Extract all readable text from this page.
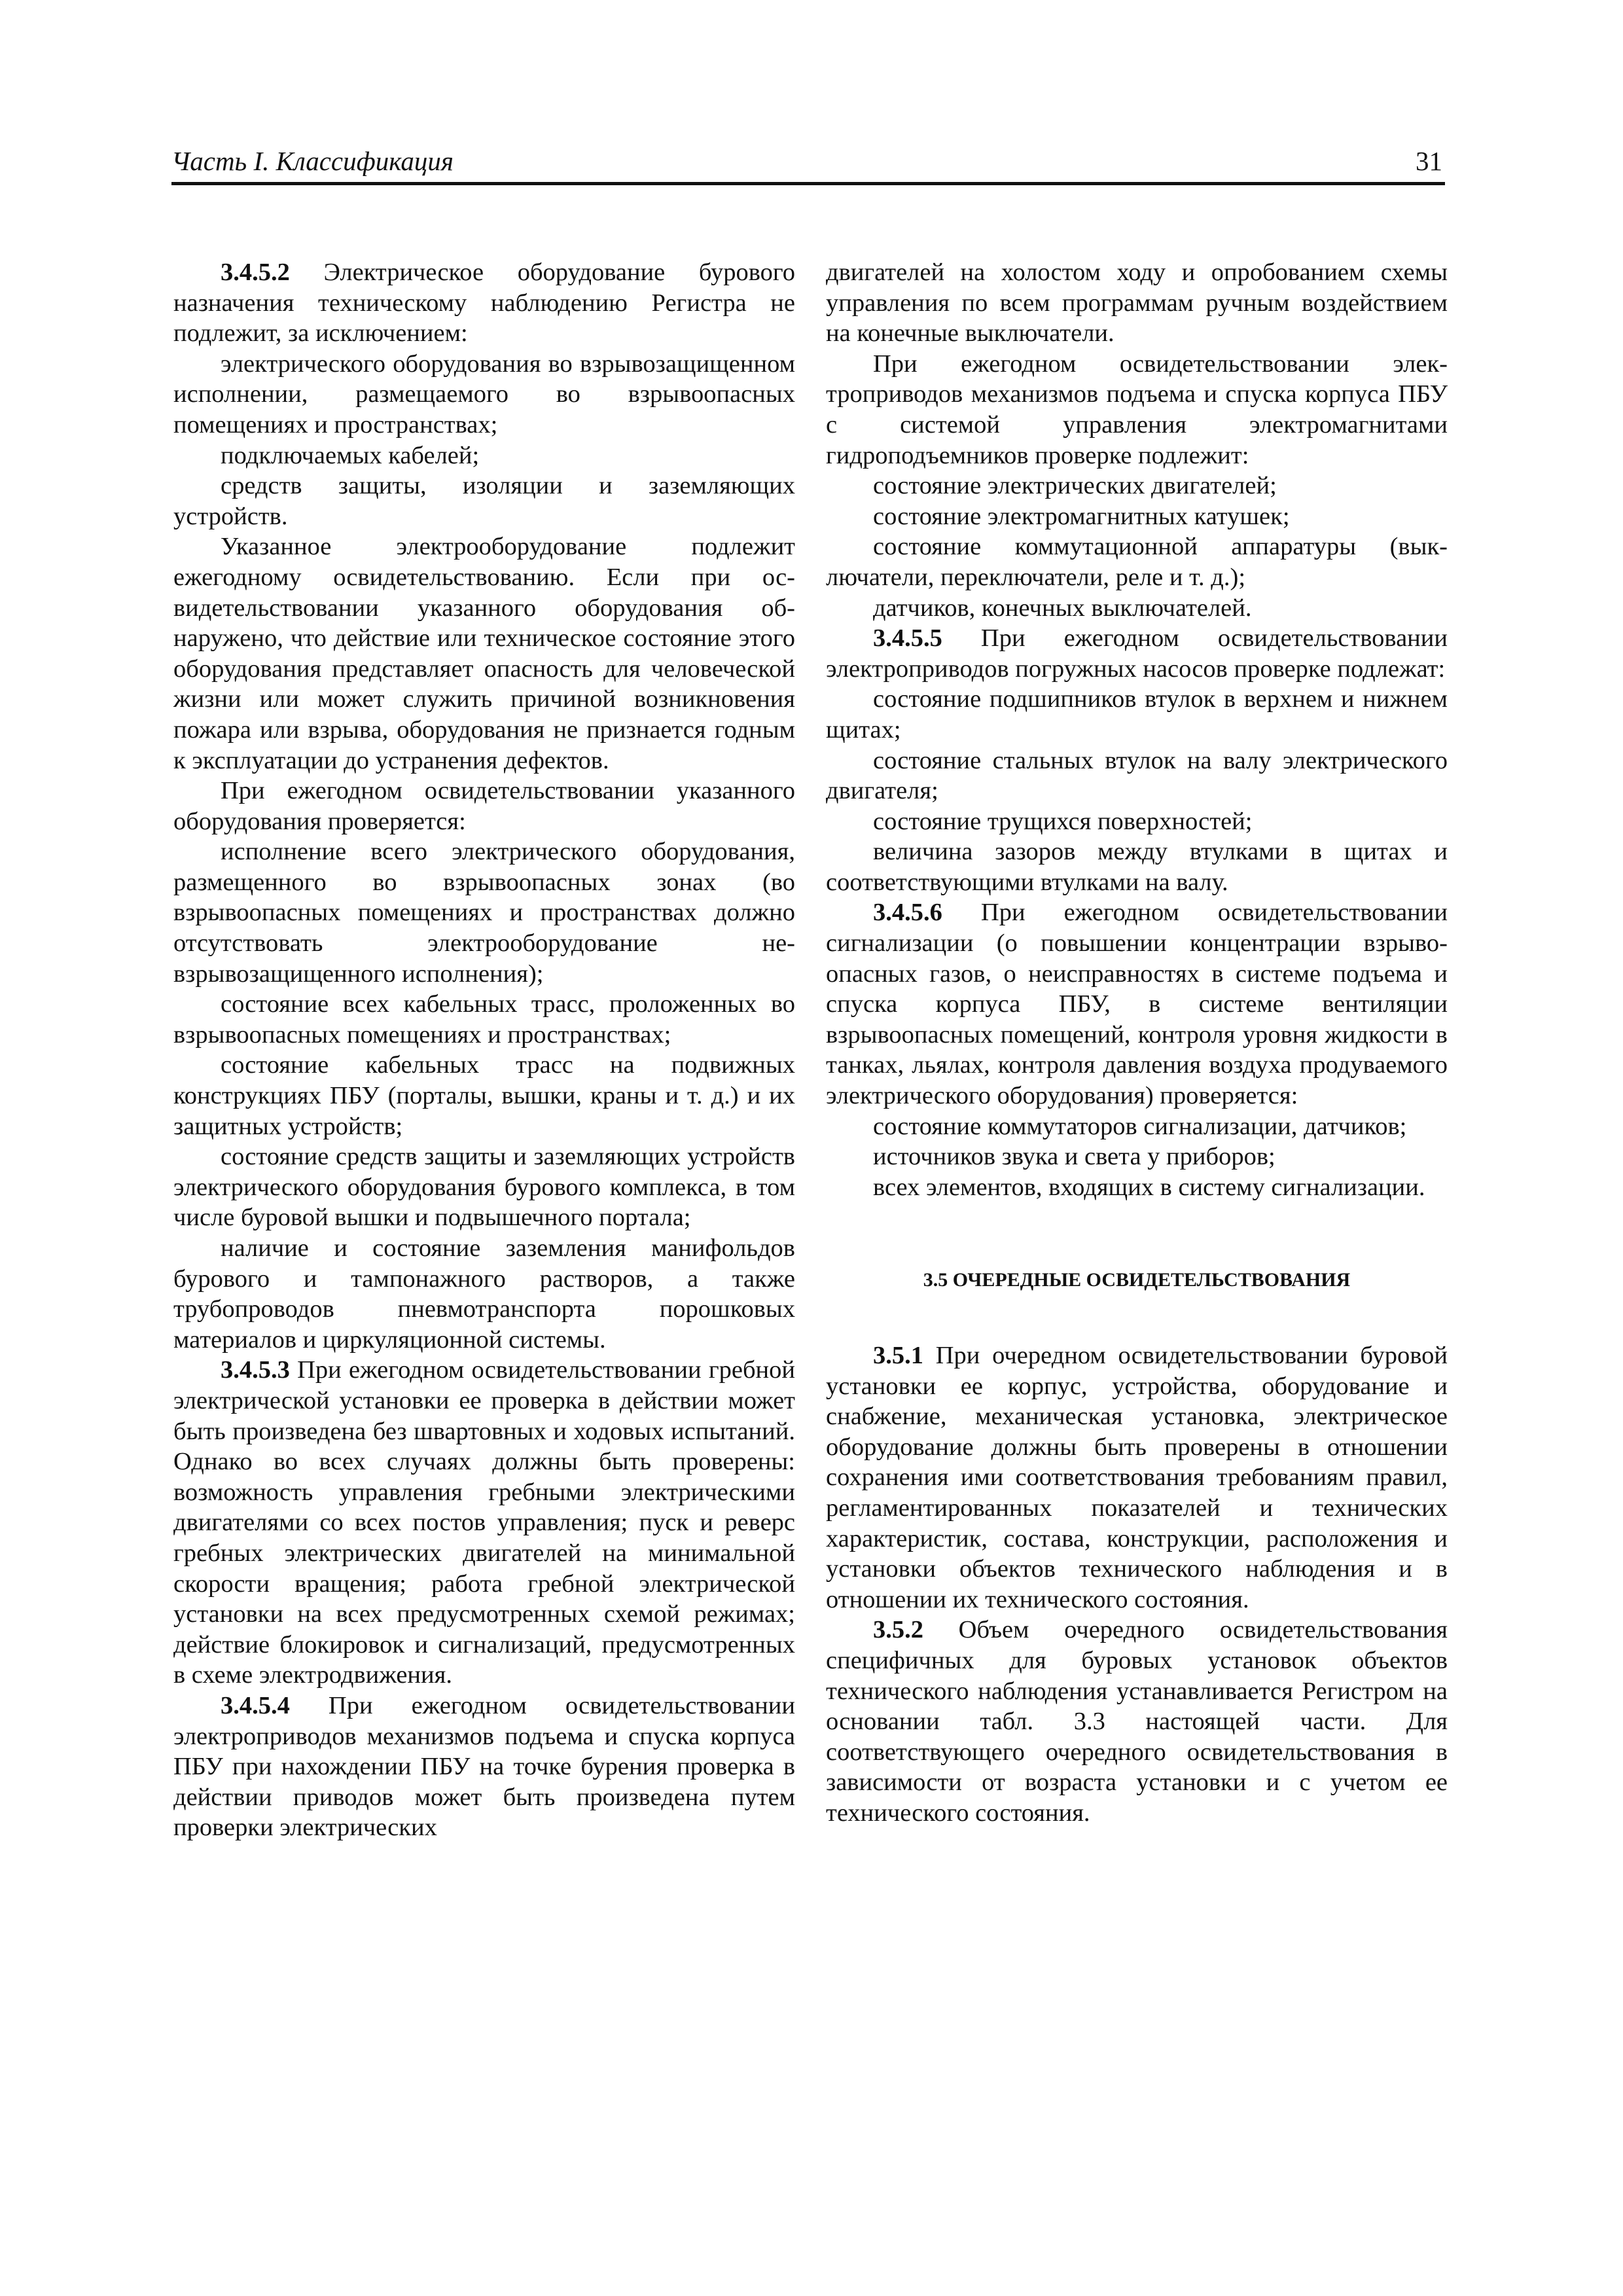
Часть I. Классификация	31

3.4.5.2 Электрическое оборудование бурового назначения техническому наблюдению Регистра не подлежит, за исключением:

электрического оборудования во взрывозащищенном исполнении, размещаемого во взрывоопасных помещениях и пространствах;

подключаемых кабелей;

средств защиты, изоляции и заземляющих устройств.

Указанное электрооборудование подлежит ежегодному освидетельствованию. Если при освидетельствовании указанного оборудования обнаружено, что действие или техническое состояние этого оборудования представляет опасность для человеческой жизни или может служить причиной возникновения пожара или взрыва, оборудования не признается годным к эксплуатации до устранения дефектов.

При ежегодном освидетельствовании указанного оборудования проверяется:

исполнение всего электрического оборудования, размещенного во взрывоопасных зонах (во взрывоопасных помещениях и пространствах должно отсутствовать электрооборудование невзрывозащищенного исполнения);

состояние всех кабельных трасс, проложенных во взрывоопасных помещениях и пространствах;

состояние кабельных трасс на подвижных конструкциях ПБУ (порталы, вышки, краны и т. д.) и их защитных устройств;

состояние средств защиты и заземляющих устройств электрического оборудования бурового комплекса, в том числе буровой вышки и подвышечного портала;

наличие и состояние заземления манифольдов бурового и тампонажного растворов, а также трубопроводов пневмотранспорта порошковых материалов и циркуляционной системы.

3.4.5.3 При ежегодном освидетельствовании гребной электрической установки ее проверка в действии может быть произведена без швартовных и ходовых испытаний. Однако во всех случаях должны быть проверены: возможность управления гребными электрическими двигателями со всех постов управления; пуск и реверс гребных электрических двигателей на минимальной скорости вращения; работа гребной электрической установки на всех предусмотренных схемой режимах; действие блокировок и сигнализаций, предусмотренных в схеме электродвижения.

3.4.5.4 При ежегодном освидетельствовании электроприводов механизмов подъема и спуска корпуса ПБУ при нахождении ПБУ на точке бурения проверка в действии приводов может быть произведена путем проверки электрических

двигателей на холостом ходу и опробованием схемы управления по всем программам ручным воздействием на конечные выключатели.

При ежегодном освидетельствовании электроприводов механизмов подъема и спуска корпуса ПБУ с системой управления электромагнитами гидроподъемников проверке подлежит:

состояние электрических двигателей;

состояние электромагнитных катушек;

состояние коммутационной аппаратуры (выключатели, переключатели, реле и т. д.);

датчиков, конечных выключателей.

3.4.5.5 При ежегодном освидетельствовании электроприводов погружных насосов проверке подлежат:

состояние подшипников втулок в верхнем и нижнем щитах;

состояние стальных втулок на валу электрического двигателя;

состояние трущихся поверхностей;

величина зазоров между втулками в щитах и соответствующими втулками на валу.

3.4.5.6 При ежегодном освидетельствовании сигнализации (о повышении концентрации взрывоопасных газов, о неисправностях в системе подъема и спуска корпуса ПБУ, в системе вентиляции взрывоопасных помещений, контроля уровня жидкости в танках, льялах, контроля давления воздуха продуваемого электрического оборудования) проверяется:

состояние коммутаторов сигнализации, датчиков;

источников звука и света у приборов;

всех элементов, входящих в систему сигнализации.

3.5 ОЧЕРЕДНЫЕ ОСВИДЕТЕЛЬСТВОВАНИЯ

3.5.1 При очередном освидетельствовании буровой установки ее корпус, устройства, оборудование и снабжение, механическая установка, электрическое оборудование должны быть проверены в отношении сохранения ими соответствования требованиям правил, регламентированных показателей и технических характеристик, состава, конструкции, расположения и установки объектов технического наблюдения и в отношении их технического состояния.

3.5.2 Объем очередного освидетельствования специфичных для буровых установок объектов технического наблюдения устанавливается Регистром на основании табл. 3.3 настоящей части. Для соответствующего очередного освидетельствования в зависимости от возраста установки и с учетом ее технического состояния.
